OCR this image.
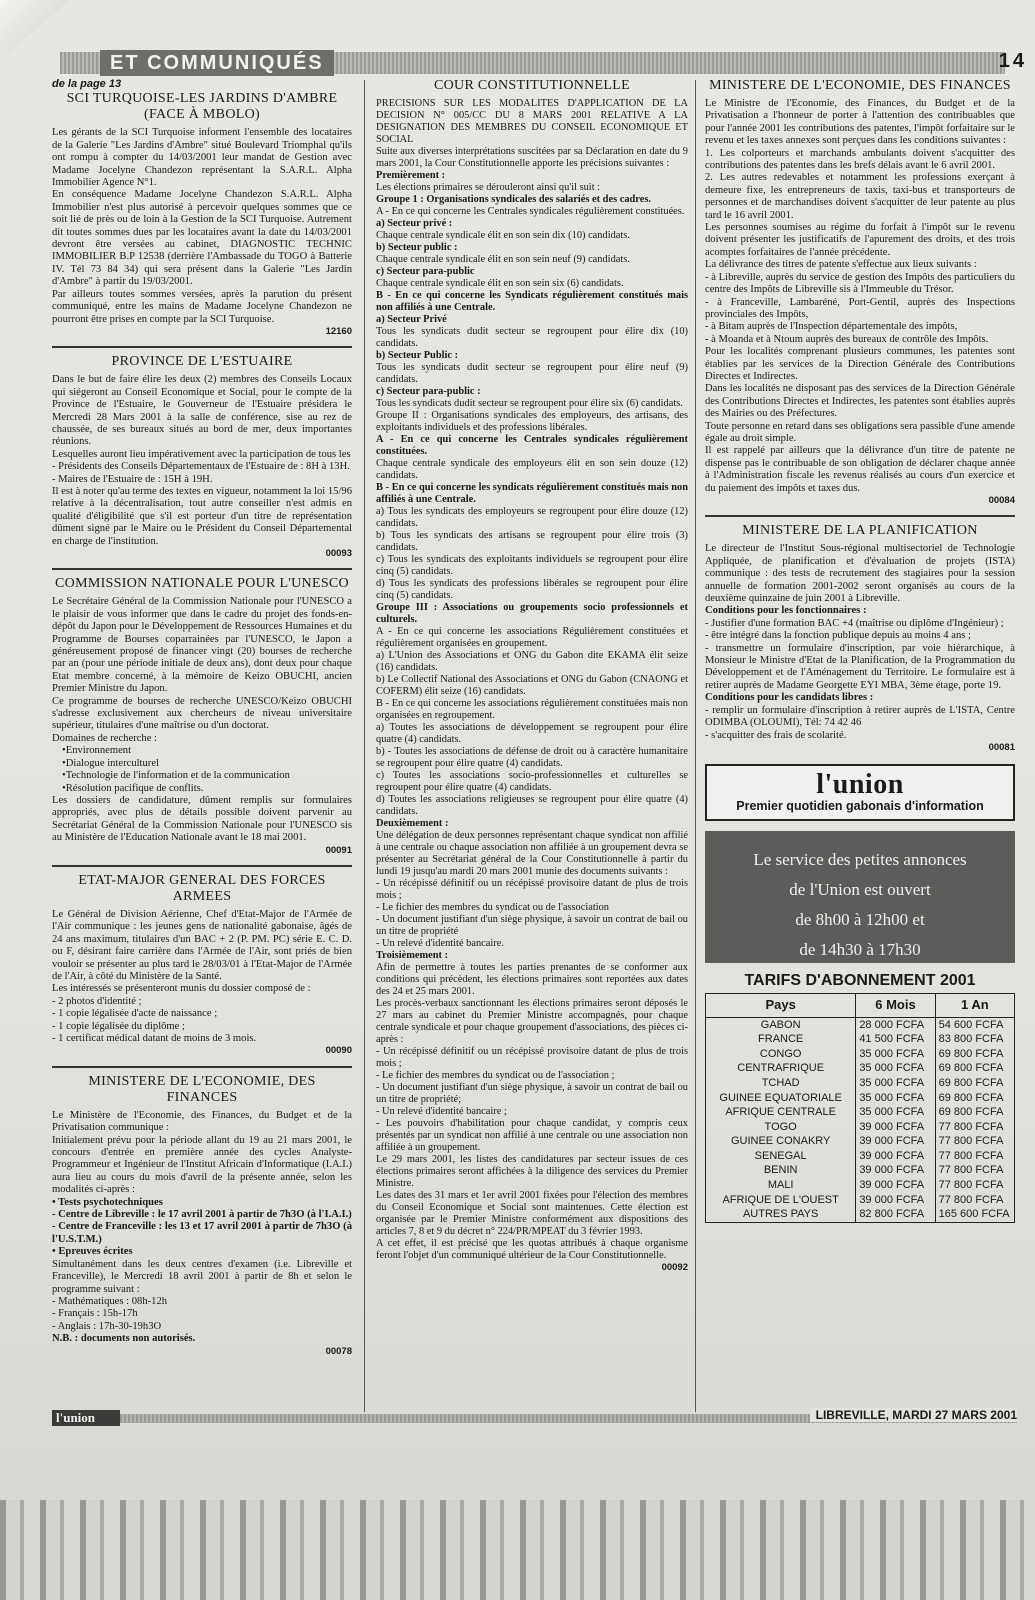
ET COMMUNIQUÉS	14
de la page 13
SCI TURQUOISE-LES JARDINS D'AMBRE
(FACE À MBOLO)

Les gérants de la SCI Turquoise informent l'ensemble des locataires de la Galerie "Les Jardins d'Ambre" situé Boulevard Triomphal qu'ils ont rompu à compter du 14/03/2001 leur mandat de Gestion avec Madame Jocelyne Chandezon représentant la S.A.R.L. Alpha Immobilier Agence N°1.

En conséquence Madame Jocelyne Chandezon S.A.R.L. Alpha Immobilier n'est plus autorisé à percevoir quelques sommes que ce soit lié de près ou de loin à la Gestion de la SCI Turquoise. Autrement dit toutes sommes dues par les locataires avant la date du 14/03/2001 devront être versées au cabinet, DIAGNOSTIC TECHNIC IMMOBILIER B.P 12538 (derrière l'Ambassade du TOGO à Batterie IV. Tél 73 84 34) qui sera présent dans la Galerie "Les Jardin d'Ambre" à partir du 19/03/2001.

Par ailleurs toutes sommes versées, après la parution du présent communiqué, entre les mains de Madame Jocelyne Chandezon ne pourront être prises en compte par la SCI Turquoise.

12160
PROVINCE DE L'ESTUAIRE

Dans le but de faire élire les deux (2) membres des Conseils Locaux qui siégeront au Conseil Economique et Social, pour le compte de la Province de l'Estuaire, le Gouverneur de l'Estuaire présidera le Mercredi 28 Mars 2001 à la salle de conférence, sise au rez de chaussée, de ses bureaux situés au bord de mer, deux importantes réunions.

Lesquelles auront lieu impérativement avec la participation de tous les

- Présidents des Conseils Départementaux de l'Estuaire de : 8H à 13H.

- Maires de l'Estuaire de : 15H à 19H.

Il est à noter qu'au terme des textes en vigueur, notamment la loi 15/96 relative à la décentralisation, tout autre conseiller n'est admis en qualité d'éligibilité que s'il est porteur d'un titre de représentation dûment signé par le Maire ou le Président du Conseil Départemental en charge de l'institution.

00093
COMMISSION NATIONALE POUR L'UNESCO

Le Secrétaire Général de la Commission Nationale pour l'UNESCO a le plaisir de vous informer que dans le cadre du projet des fonds-en-dépôt du Japon pour le Développement de Ressources Humaines et du Programme de Bourses coparrainées par l'UNESCO, le Japon a généreusement proposé de financer vingt (20) bourses de recherche par an (pour une période initiale de deux ans), dont deux pour chaque Etat membre concerné, à la mémoire de Keizo OBUCHI, ancien Premier Ministre du Japon.

Ce programme de bourses de recherche UNESCO/Keizo OBUCHI s'adresse exclusivement aux chercheurs de niveau universitaire supérieur, titulaires d'une maîtrise ou d'un doctorat.

Domaines de recherche :

• Environnement
• Dialogue interculturel
• Technologie de l'information et de la communication
• Résolution pacifique de conflits.

Les dossiers de candidature, dûment remplis sur formulaires appropriés, avec plus de détails possible doivent parvenir au Secrétariat Général de la Commission Nationale pour l'UNESCO sis au Ministère de l'Education Nationale avant le 18 mai 2001.

00091
ETAT-MAJOR GENERAL DES FORCES ARMEES

Le Général de Division Aérienne, Chef d'Etat-Major de l'Armée de l'Air communique : les jeunes gens de nationalité gabonaise, âgés de 24 ans maximum, titulaires d'un BAC + 2 (P. PM. PC) série E. C. D. ou F, désirant faire carrière dans l'Armée de l'Air, sont priés de bien vouloir se présenter au plus tard le 28/03/01 à l'Etat-Major de l'Armée de l'Air, à côté du Ministère de la Santé.

Les intéressés se présenteront munis du dossier composé de :

- 2 photos d'identité ;

- 1 copie légalisée d'acte de naissance ;

- 1 copie légalisée du diplôme ;

- 1 certificat médical datant de moins de 3 mois.

00090
MINISTERE DE L'ECONOMIE, DES FINANCES

Le Ministère de l'Economie, des Finances, du Budget et de la Privatisation communique :

Initialement prévu pour la période allant du 19 au 21 mars 2001, le concours d'entrée en première année des cycles Analyste-Programmeur et Ingénieur de l'Institut Africain d'Informatique (I.A.I.) aura lieu au cours du mois d'avril de la présente année, selon les modalités ci-après :

• Tests psychotechniques

- Centre de Libreville : le 17 avril 2001 à partir de 7h3O (à l'I.A.I.)

- Centre de Franceville : les 13 et 17 avril 2001 à partir de 7h3O (à l'U.S.T.M.)

• Epreuves écrites

Simultanément dans les deux centres d'examen (i.e. Libreville et Franceville), le Mercredi 18 avril 2001 à partir de 8h et selon le programme suivant :

- Mathématiques : 08h-12h

- Français : 15h-17h

- Anglais : 17h-30-19h3O

N.B. : documents non autorisés.

00078
COUR CONSTITUTIONNELLE

PRECISIONS SUR LES MODALITES D'APPLICATION DE LA DECISION N° 005/CC DU 8 MARS 2001 RELATIVE A LA DESIGNATION DES MEMBRES DU CONSEIL ECONOMIQUE ET SOCIAL

Suite aux diverses interprétations suscitées par sa Déclaration en date du 9 mars 2001, la Cour Constitutionnelle apporte les précisions suivantes :

Premièrement :

Les élections primaires se dérouleront ainsi qu'il suit :

Groupe 1 : Organisations syndicales des salariés et des cadres.

A - En ce qui concerne les Centrales syndicales régulièrement constituées.

a) Secteur privé :

Chaque centrale syndicale élit en son sein dix (10) candidats.

b) Secteur public :

Chaque centrale syndicale élit en son sein neuf (9) candidats.

c) Secteur para-public

Chaque centrale syndicale élit en son sein six (6) candidats.

B - En ce qui concerne les Syndicats régulièrement constitués mais non affiliés à une Centrale.

a) Secteur Privé

Tous les syndicats dudit secteur se regroupent pour élire dix (10) candidats.

b) Secteur Public :

Tous les syndicats dudit secteur se regroupent pour élire neuf (9) candidats.

c) Secteur para-public :

Tous les syndicats dudit secteur se regroupent pour élire six (6) candidats.

Groupe II : Organisations syndicales des employeurs, des artisans, des exploitants individuels et des professions libérales.

A - En ce qui concerne les Centrales syndicales régulièrement constituées.

Chaque centrale syndicale des employeurs élit en son sein douze (12) candidats.

B - En ce qui concerne les syndicats régulièrement constitués mais non affiliés à une Centrale.

a) Tous les syndicats des employeurs se regroupent pour élire douze (12) candidats.

b) Tous les syndicats des artisans se regroupent pour élire trois (3) candidats.

c) Tous les syndicats des exploitants individuels se regroupent pour élire cinq (5) candidats.

d) Tous les syndicats des professions libérales se regroupent pour élire cinq (5) candidats.

Groupe III : Associations ou groupements socio professionnels et culturels.

A - En ce qui concerne les associations Régulièrement constituées et régulièrement organisées en groupement.

a) L'Union des Associations et ONG du Gabon dite EKAMA élit seize (16) candidats.

b) Le Collectif National des Associations et ONG du Gabon (CNAONG et COFERM) élit seize (16) candidats.

B - En ce qui concerne les associations régulièrement constituées mais non organisées en regroupement.

a) Toutes les associations de développement se regroupent pour élire quatre (4) candidats.

b) - Toutes les associations de défense de droit ou à caractère humanitaire se regroupent pour élire quatre (4) candidats.

c) Toutes les associations socio-professionnelles et culturelles se regroupent pour élire quatre (4) candidats.

d) Toutes les associations religieuses se regroupent pour élire quatre (4) candidats.

Deuxièmement :

Une délégation de deux personnes représentant chaque syndicat non affilié à une centrale ou chaque association non affiliée à un groupement devra se présenter au Secrétariat général de la Cour Constitutionnelle à partir du lundi 19 jusqu'au mardi 20 mars 2001 munie des documents suivants :

- Un récépissé définitif ou un récépissé provisoire datant de plus de trois mois ;

- Le fichier des membres du syndicat ou de l'association

- Un document justifiant d'un siège physique, à savoir un contrat de bail ou un titre de propriété

- Un relevé d'identité bancaire.

Troisièmement :

Afin de permettre à toutes les parties prenantes de se conformer aux conditions qui précèdent, les élections primaires sont reportées aux dates des 24 et 25 mars 2001.

Les procès-verbaux sanctionnant les élections primaires seront déposés le 27 mars au cabinet du Premier Ministre accompagnés, pour chaque centrale syndicale et pour chaque groupement d'associations, des pièces ci-après :

- Un récépissé définitif ou un récépissé provisoire datant de plus de trois mois ;

- Le fichier des membres du syndicat ou de l'association ;

- Un document justifiant d'un siège physique, à savoir un contrat de bail ou un titre de propriété;

- Un relevé d'identité bancaire ;

- Les pouvoirs d'habilitation pour chaque candidat, y compris ceux présentés par un syndicat non affilié à une centrale ou une association non affiliée à un groupement.

Le 29 mars 2001, les listes des candidatures par secteur issues de ces élections primaires seront affichées à la diligence des services du Premier Ministre.

Les dates des 31 mars et 1er avril 2001 fixées pour l'élection des membres du Conseil Economique et Social sont maintenues. Cette élection est organisée par le Premier Ministre conformément aux dispositions des articles 7, 8 et 9 du décret n° 224/PR/MPEAT du 3 février 1993.

A cet effet, il est précisé que les quotas attribués à chaque organisme feront l'objet d'un communiqué ultérieur de la Cour Constitutionnelle.

00092
MINISTERE DE L'ECONOMIE, DES FINANCES

Le Ministre de l'Economie, des Finances, du Budget et de la Privatisation a l'honneur de porter à l'attention des contribuables que pour l'année 2001 les contributions des patentes, l'impôt forfaitaire sur le revenu et les taxes annexes sont perçues dans les conditions suivantes :

1. Les colporteurs et marchands ambulants doivent s'acquitter des contributions des patentes dans les brefs délais avant le 6 avril 2001.

2. Les autres redevables et notamment les professions exerçant à demeure fixe, les entrepreneurs de taxis, taxi-bus et transporteurs de personnes et de marchandises doivent s'acquitter de leur patente au plus tard le 16 avril 2001.

Les personnes soumises au régime du forfait à l'impôt sur le revenu doivent présenter les justificatifs de l'apurement des droits, et des trois acomptes forfaitaires de l'année précédente.

La délivrance des titres de patente s'effectue aux lieux suivants :

- à Libreville, auprès du service de gestion des Impôts des particuliers du centre des Impôts de Libreville sis à l'Immeuble du Trésor.

- à Franceville, Lambaréné, Port-Gentil, auprès des Inspections provinciales des Impôts,

- à Bitam auprès de l'Inspection départementale des impôts,

- à Moanda et à Ntoum auprès des bureaux de contrôle des Impôts.

Pour les localités comprenant plusieurs communes, les patentes sont établies par les services de la Direction Générale des Contributions Directes et Indirectes.

Dans les localités ne disposant pas des services de la Direction Générale des Contributions Directes et Indirectes, les patentes sont établies auprès des Mairies ou des Préfectures.

Toute personne en retard dans ses obligations sera passible d'une amende égale au droit simple.

Il est rappelé par ailleurs que la délivrance d'un titre de patente ne dispense pas le contribuable de son obligation de déclarer chaque année à l'Administration fiscale les revenus réalisés au cours d'un exercice et du paiement des impôts et taxes dus.

00084
MINISTERE DE LA PLANIFICATION

Le directeur de l'Institut Sous-régional multisectoriel de Technologie Appliquée, de planification et d'évaluation de projets (ISTA) communique : des tests de recrutement des stagiaires pour la session annuelle de formation 2001-2002 seront organisés au cours de la deuxième quinzaine de juin 2001 à Libreville.

Conditions pour les fonctionnaires :

- Justifier d'une formation BAC +4 (maîtrise ou diplôme d'Ingénieur) ;

- être intégré dans la fonction publique depuis au moins 4 ans ;

- transmettre un formulaire d'inscription, par voie hiérarchique, à Monsieur le Ministre d'Etat de la Planification, de la Programmation du Développement et de l'Aménagement du Territoire. Le formulaire est à retirer auprès de Madame Georgette EYI MBA, 3ème étage, porte 19.

Conditions pour les candidats libres :

- remplir un formulaire d'inscription à retirer auprès de L'ISTA, Centre ODIMBA (OLOUMI), Tél: 74 42 46

- s'acquitter des frais de scolarité.

00081
l'union
Premier quotidien gabonais d'information
Le service des petites annonces
de l'Union est ouvert
de 8h00 à 12h00 et
de 14h30 à 17h30
TARIFS D'ABONNEMENT 2001
Pays	6 Mois	1 An
GABON	28 000 FCFA	54 600 FCFA
FRANCE	41 500 FCFA	83 800 FCFA
CONGO	35 000 FCFA	69 800 FCFA
CENTRAFRIQUE	35 000 FCFA	69 800 FCFA
TCHAD	35 000 FCFA	69 800 FCFA
GUINEE EQUATORIALE	35 000 FCFA	69 800 FCFA
AFRIQUE CENTRALE	35 000 FCFA	69 800 FCFA
TOGO	39 000 FCFA	77 800 FCFA
GUINEE CONAKRY	39 000 FCFA	77 800 FCFA
SENEGAL	39 000 FCFA	77 800 FCFA
BENIN	39 000 FCFA	77 800 FCFA
MALI	39 000 FCFA	77 800 FCFA
AFRIQUE DE L'OUEST	39 000 FCFA	77 800 FCFA
AUTRES PAYS	82 800 FCFA	165 600 FCFA
l'union	LIBREVILLE, MARDI 27 MARS 2001
